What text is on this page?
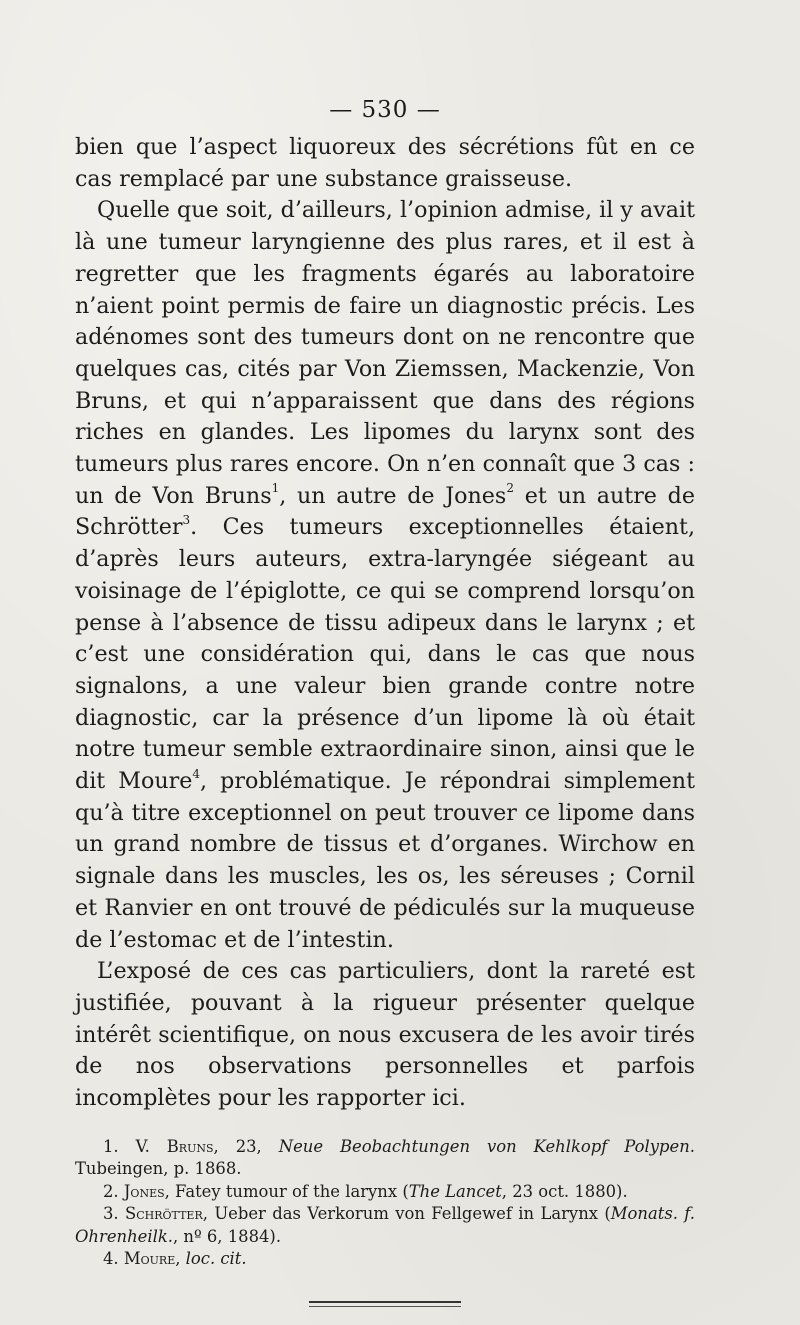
— 530 —

bien que l’aspect liquoreux des sécrétions fût en ce cas remplacé par une substance graisseuse.

Quelle que soit, d’ailleurs, l’opinion admise, il y avait là une tumeur laryngienne des plus rares, et il est à regretter que les fragments égarés au laboratoire n’aient point permis de faire un diagnostic précis. Les adénomes sont des tumeurs dont on ne rencontre que quelques cas, cités par Von Ziemssen, Mackenzie, Von Bruns, et qui n’apparaissent que dans des régions riches en glandes. Les lipomes du larynx sont des tumeurs plus rares encore. On n’en connaît que 3 cas : un de Von Bruns$^1$, un autre de Jones$^2$ et un autre de Schrötter$^3$. Ces tumeurs exceptionnelles étaient, d’après leurs auteurs, extra-laryngée siégeant au voisinage de l’épiglotte, ce qui se comprend lorsqu’on pense à l’absence de tissu adipeux dans le larynx ; et c’est une considération qui, dans le cas que nous signalons, a une valeur bien grande contre notre diagnostic, car la présence d’un lipome là où était notre tumeur semble extraordinaire sinon, ainsi que le dit Moure$^4$, problématique. Je répondrai simplement qu’à titre exceptionnel on peut trouver ce lipome dans un grand nombre de tissus et d’organes. Wirchow en signale dans les muscles, les os, les séreuses ; Cornil et Ranvier en ont trouvé de pédiculés sur la muqueuse de l’estomac et de l’intestin.

L’exposé de ces cas particuliers, dont la rareté est justifiée, pouvant à la rigueur présenter quelque intérêt scientifique, on nous excusera de les avoir tirés de nos observations personnelles et parfois incomplètes pour les rapporter ici.

1. V. Bruns, 23, Neue Beobachtungen von Kehlkopf Polypen. Tubeingen, p. 1868.

2. Jones, Fatey tumour of the larynx (The Lancet, 23 oct. 1880).

3. Schrötter, Ueber das Verkorum von Fellgewef in Larynx (Monats. f. Ohrenheilk., nº 6, 1884).

4. Moure, loc. cit.
